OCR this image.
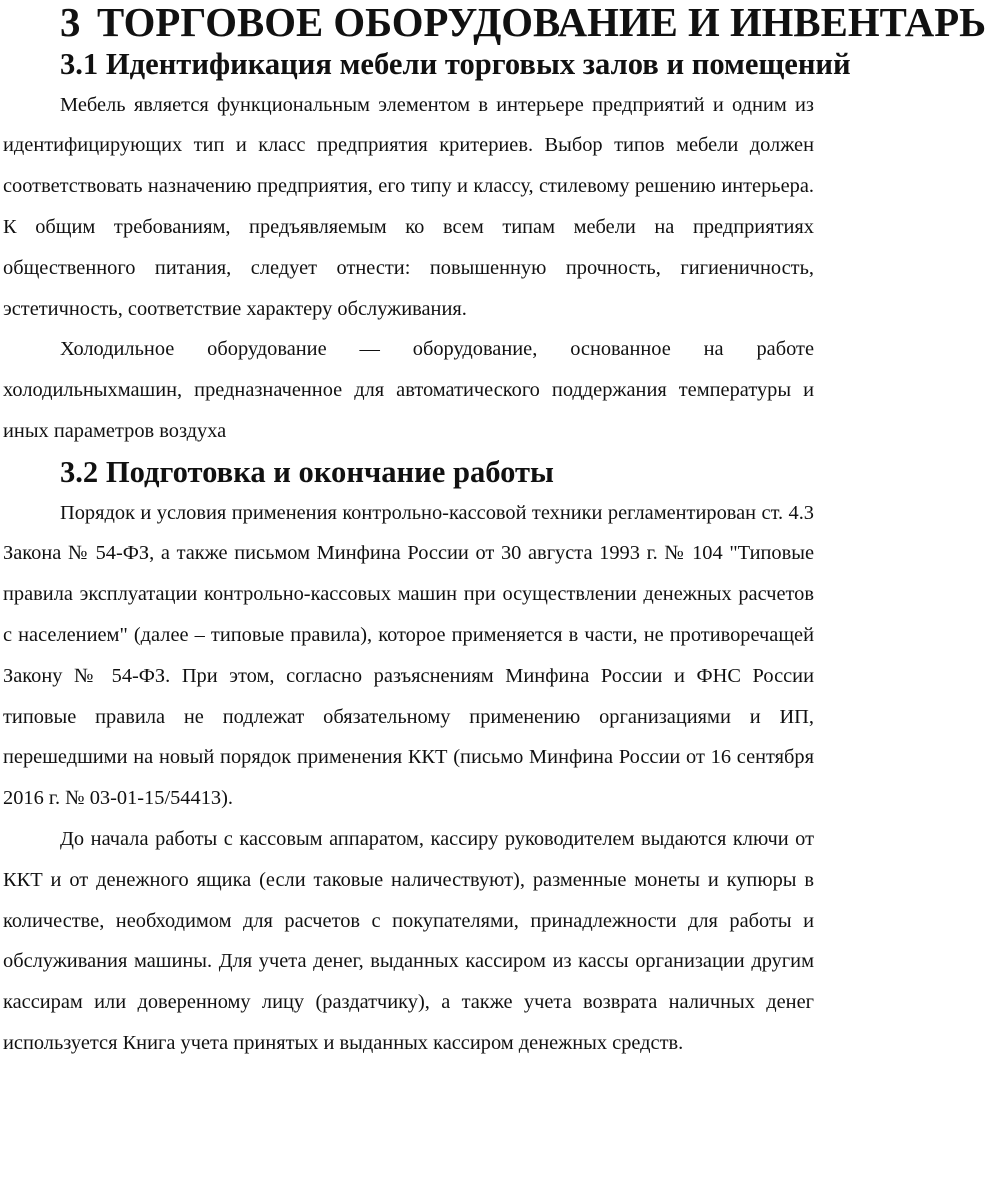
3 ТОРГОВОЕ ОБОРУДОВАНИЕ И ИНВЕНТАРЬ
3.1 Идентификация мебели торговых залов и помещений

Мебель является функциональным элементом в интерьере предприятий и одним из идентифицирующих тип и класс предприятия критериев. Выбор типов мебели должен соответствовать назначению предприятия, его типу и классу, стилевому решению интерьера. К общим требованиям, предъявляемым ко всем типам мебели на предприятиях общественного питания, следует отнести: повышенную прочность, гигиеничность, эстетичность, соответствие характеру обслуживания.

Холодильное оборудование — оборудование, основанное на работе холодильныхмашин, предназначенное для автоматического поддержания температуры и иных параметров воздуха

3.2 Подготовка и окончание работы

Порядок и условия применения контрольно-кассовой техники регламентирован ст. 4.3 Закона № 54-ФЗ, а также письмом Минфина России от 30 августа 1993 г. № 104 "Типовые правила эксплуатации контрольно-кассовых машин при осуществлении денежных расчетов с населением" (далее – типовые правила), которое применяется в части, не противоречащей Закону № 54-ФЗ. При этом, согласно разъяснениям Минфина России и ФНС России типовые правила не подлежат обязательному применению организациями и ИП, перешедшими на новый порядок применения ККТ (письмо Минфина России от 16 сентября 2016 г. № 03-01-15/54413).

До начала работы с кассовым аппаратом, кассиру руководителем выдаются ключи от ККТ и от денежного ящика (если таковые наличествуют), разменные монеты и купюры в количестве, необходимом для расчетов с покупателями, принадлежности для работы и обслуживания машины. Для учета денег, выданных кассиром из кассы организации другим кассирам или доверенному лицу (раздатчику), а также учета возврата наличных денег используется Книга учета принятых и выданных кассиром денежных средств.
